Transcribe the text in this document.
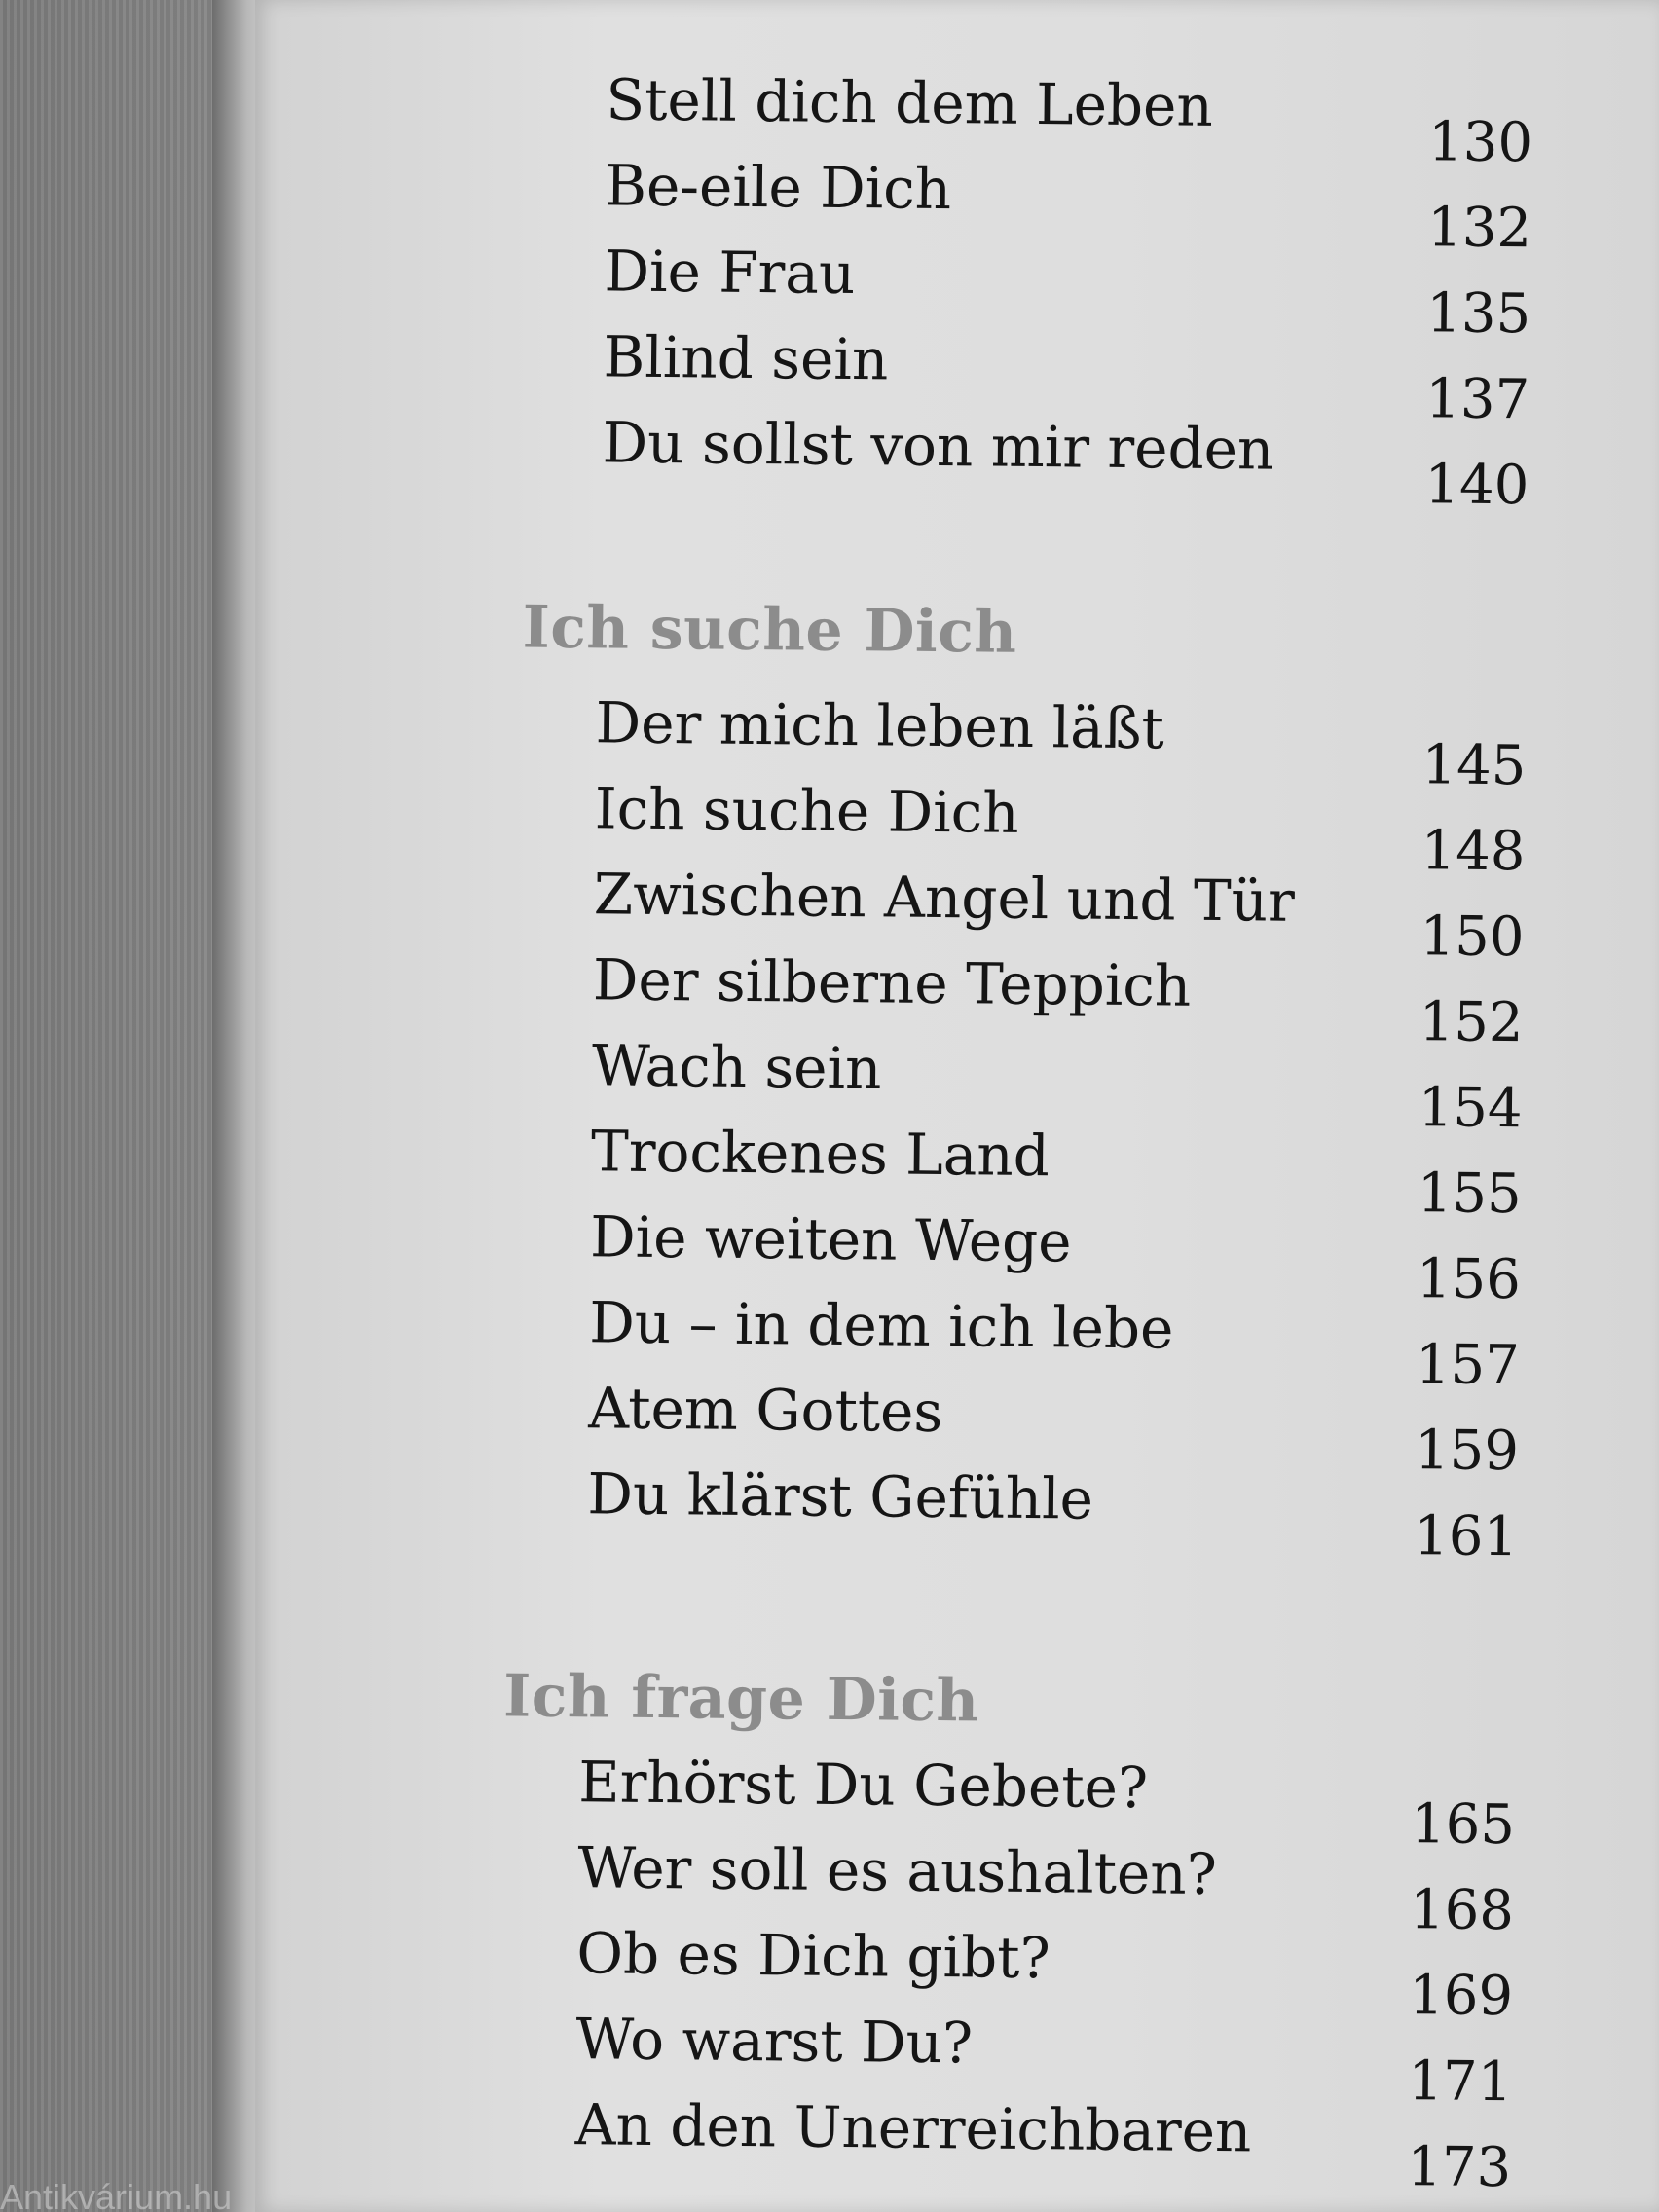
Stell dich dem Leben
130
Be-eile Dich
132
Die Frau
135
Blind sein
137
Du sollst von mir reden
140
Ich suche Dich
Der mich leben läßt
145
Ich suche Dich
148
Zwischen Angel und Tür
150
Der silberne Teppich
152
Wach sein
154
Trockenes Land
155
Die weiten Wege
156
Du – in dem ich lebe
157
Atem Gottes
159
Du klärst Gefühle
161
Ich frage Dich
Erhörst Du Gebete?
165
Wer soll es aushalten?
168
Ob es Dich gibt?
169
Wo warst Du?
171
An den Unerreichbaren
173
Antikvárium.hu
